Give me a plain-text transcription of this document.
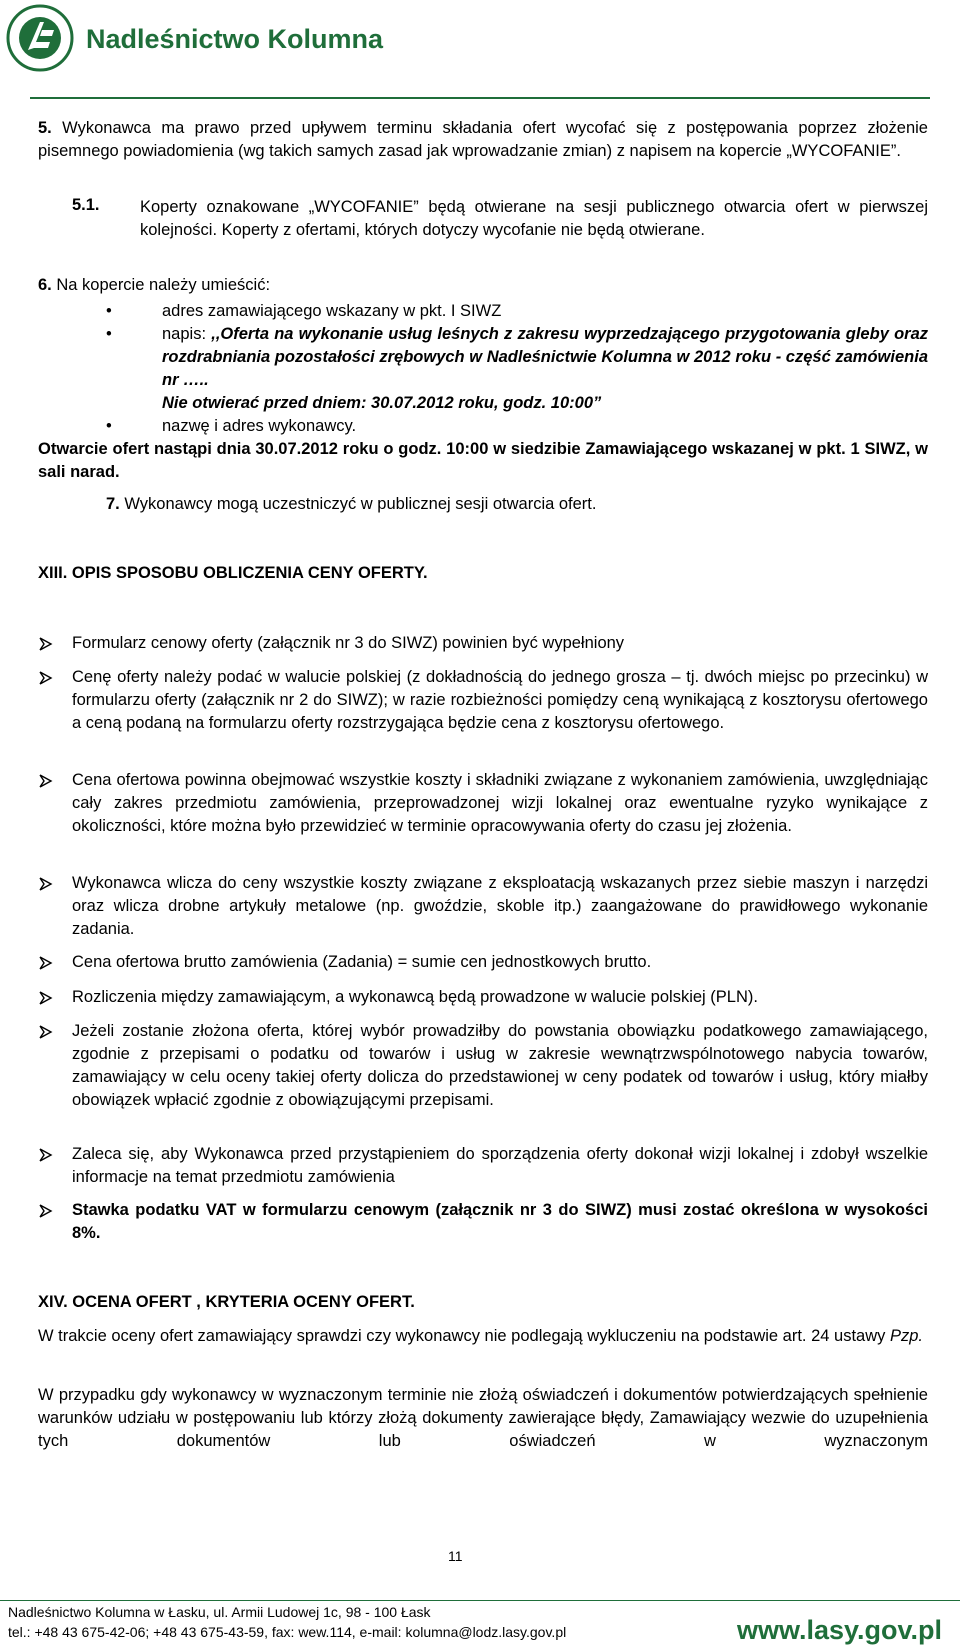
Nadleśnictwo Kolumna

5. Wykonawca ma prawo przed upływem terminu składania ofert wycofać się z postępowania poprzez złożenie pisemnego powiadomienia (wg takich samych zasad jak wprowadzanie zmian) z napisem na kopercie „WYCOFANIE”.

5.1. Koperty oznakowane „WYCOFANIE” będą otwierane na sesji publicznego otwarcia ofert w pierwszej kolejności. Koperty z ofertami, których dotyczy wycofanie nie będą otwierane.

6. Na kopercie należy umieścić:
•	adres zamawiającego wskazany w pkt. I SIWZ
•	napis: ,,Oferta na wykonanie usług leśnych z zakresu wyprzedzającego przygotowania gleby oraz rozdrabniania pozostałości zrębowych w Nadleśnictwie Kolumna w 2012 roku - część zamówienia nr …..
Nie otwierać przed dniem: 30.07.2012 roku, godz. 10:00”
•	nazwę i adres wykonawcy.

Otwarcie ofert nastąpi dnia 30.07.2012 roku o godz. 10:00 w siedzibie Zamawiającego wskazanej w pkt. 1 SIWZ, w sali narad.

7. Wykonawcy mogą uczestniczyć w publicznej sesji otwarcia ofert.
XIII. OPIS SPOSOBU OBLICZENIA CENY OFERTY.

Formularz cenowy oferty (załącznik nr 3 do SIWZ) powinien być wypełniony

Cenę oferty należy podać w walucie polskiej (z dokładnością do jednego grosza – tj. dwóch miejsc po przecinku) w formularzu oferty (załącznik nr 2 do SIWZ); w razie rozbieżności pomiędzy ceną wynikającą z kosztorysu ofertowego a ceną podaną na formularzu oferty rozstrzygająca będzie cena z kosztorysu ofertowego.

Cena ofertowa powinna obejmować wszystkie koszty i składniki związane z wykonaniem zamówienia, uwzględniając cały zakres przedmiotu zamówienia, przeprowadzonej wizji lokalnej oraz ewentualne ryzyko wynikające z okoliczności, które można było przewidzieć w terminie opracowywania oferty do czasu jej złożenia.

Wykonawca wlicza do ceny wszystkie koszty związane z eksploatacją wskazanych przez siebie maszyn i narzędzi oraz wlicza drobne artykuły metalowe (np. gwoździe, skoble itp.) zaangażowane do prawidłowego wykonanie zadania.

Cena ofertowa brutto zamówienia (Zadania) = sumie cen jednostkowych brutto.

Rozliczenia między zamawiającym, a wykonawcą będą prowadzone w walucie polskiej (PLN).

Jeżeli zostanie złożona oferta, której wybór prowadziłby do powstania obowiązku podatkowego zamawiającego, zgodnie z przepisami o podatku od towarów i usług w zakresie wewnątrzwspólnotowego nabycia towarów, zamawiający w celu oceny takiej oferty dolicza do przedstawionej w ceny podatek od towarów i usług, który miałby obowiązek wpłacić zgodnie z obowiązującymi przepisami.

Zaleca się, aby Wykonawca przed przystąpieniem do sporządzenia oferty dokonał wizji lokalnej i zdobył wszelkie informacje na temat przedmiotu zamówienia

Stawka podatku VAT w formularzu cenowym (załącznik nr 3 do SIWZ) musi zostać określona w wysokości 8%.

XIV. OCENA OFERT , KRYTERIA OCENY OFERT.

W trakcie oceny ofert zamawiający sprawdzi czy wykonawcy nie podlegają wykluczeniu na podstawie art. 24 ustawy Pzp.

W przypadku gdy wykonawcy w wyznaczonym terminie nie złożą oświadczeń i dokumentów potwierdzających spełnienie warunków udziału w postępowaniu lub którzy złożą dokumenty zawierające błędy, Zamawiający wezwie do uzupełnienia tych dokumentów lub oświadczeń w wyznaczonym

11
Nadleśnictwo Kolumna w Łasku, ul. Armii Ludowej 1c, 98 - 100 Łask
tel.: +48 43 675-42-06; +48 43 675-43-59, fax: wew.114, e-mail: kolumna@lodz.lasy.gov.pl	www.lasy.gov.pl
